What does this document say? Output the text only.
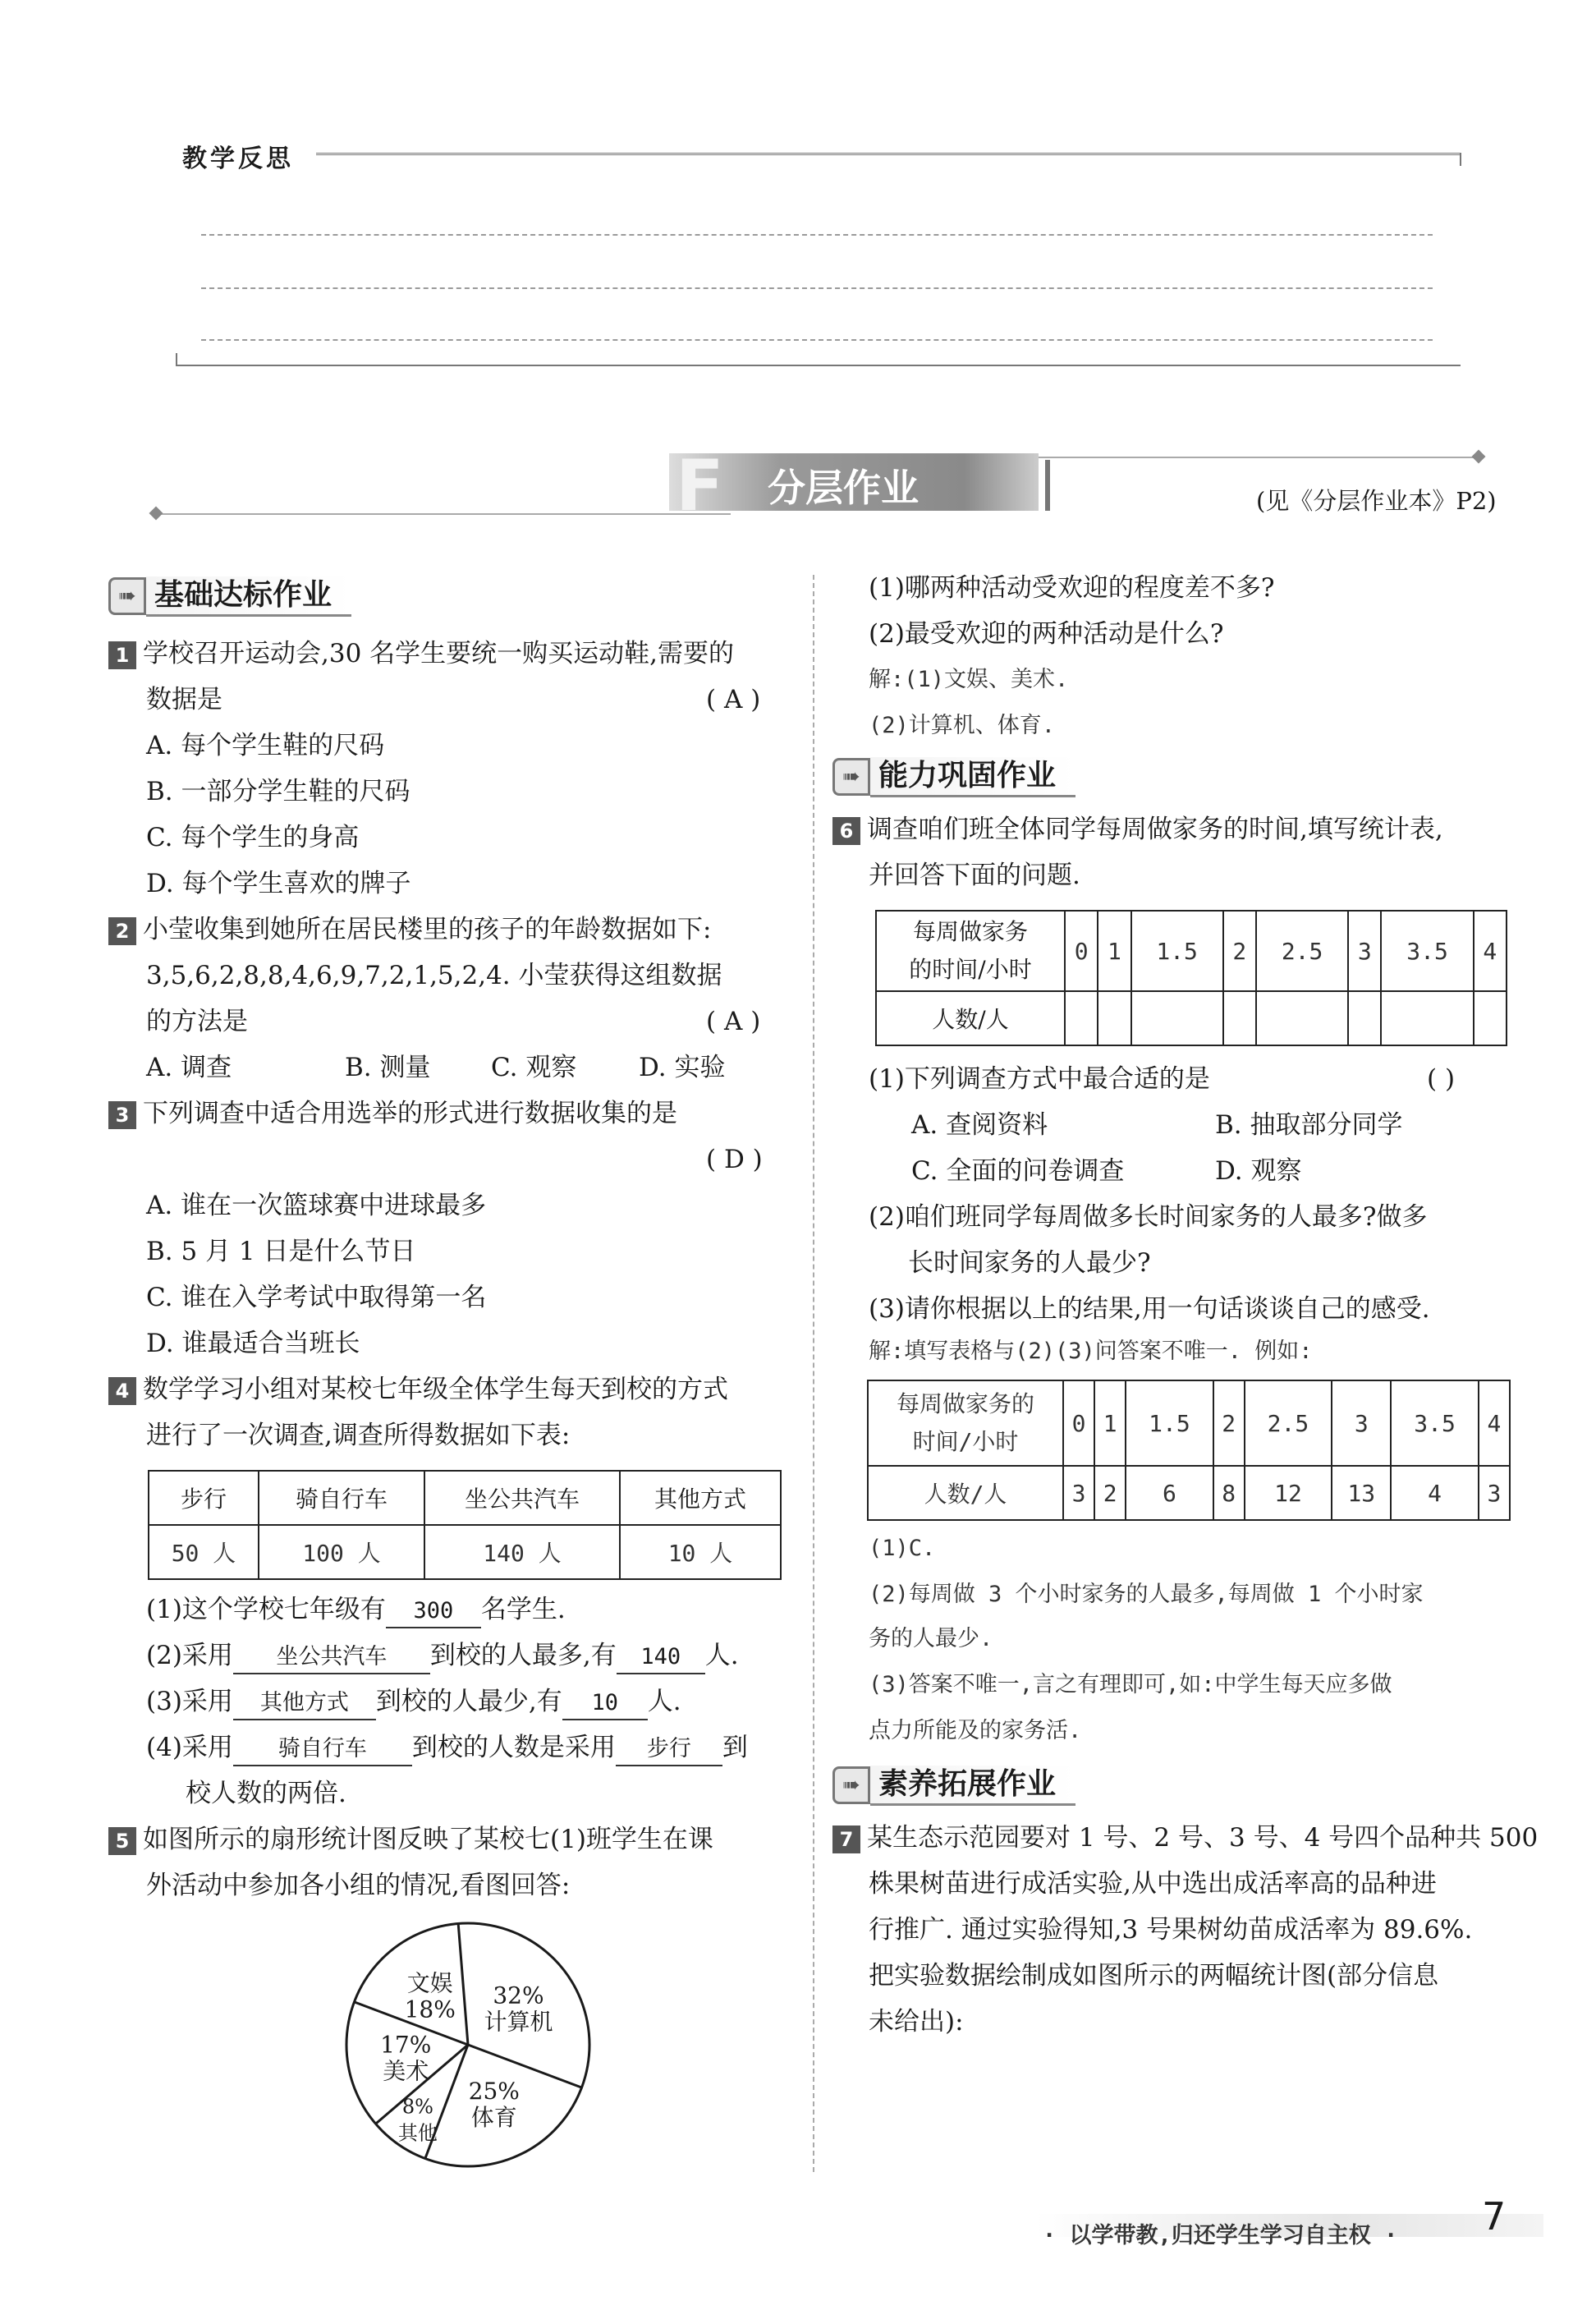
教学反思
F 分层作业	(见《分层作业本》P2)
➠ 基础达标作业
1 学校召开运动会,30 名学生要统一购买运动鞋,需要的
数据是	( A )
A. 每个学生鞋的尺码
B. 一部分学生鞋的尺码
C. 每个学生的身高
D. 每个学生喜欢的牌子
2 小莹收集到她所在居民楼里的孩子的年龄数据如下:
3,5,6,2,8,8,4,6,9,7,2,1,5,2,4. 小莹获得这组数据
的方法是	( A )
A. 调查	B. 测量 C. 观察 D. 实验
3 下列调查中适合用选举的形式进行数据收集的是
( D )
A. 谁在一次篮球赛中进球最多
B. 5 月 1 日是什么节日
C. 谁在入学考试中取得第一名
D. 谁最适合当班长
4 数学学习小组对某校七年级全体学生每天到校的方式
进行了一次调查,调查所得数据如下表:
步行	骑自行车	坐公共汽车	其他方式
50 人	100 人	140 人	10 人
(1)这个学校七年级有 300 名学生.
(2)采用 坐公共汽车 到校的人最多,有 140 人.
(3)采用 其他方式 到校的人最少,有 10 人.
(4)采用 骑自行车 到校的人数是采用 步行 到
校人数的两倍.
5 如图所示的扇形统计图反映了某校七(1)班学生在课
外活动中参加各小组的情况,看图回答:
32%
计算机
25%
体育
8%
其他
17%
美术
文娱
18%
(1)哪两种活动受欢迎的程度差不多?
(2)最受欢迎的两种活动是什么?
解:(1)文娱、美术.
(2)计算机、体育.
➠ 能力巩固作业
6 调查咱们班全体同学每周做家务的时间,填写统计表,
并回答下面的问题.
每周做家务
的时间/小时	0	1	1.5	2	2.5	3	3.5	4
人数/人								
(1)下列调查方式中最合适的是	( )
A. 查阅资料	B. 抽取部分同学
C. 全面的问卷调查	D. 观察
(2)咱们班同学每周做多长时间家务的人最多?做多
长时间家务的人最少?
(3)请你根据以上的结果,用一句话谈谈自己的感受.
解:填写表格与(2)(3)问答案不唯一. 例如:
每周做家务的
时间/小时	0	1	1.5	2	2.5	3	3.5	4
人数/人	3	2	6	8	12	13	4	3
(1)C.
(2)每周做 3 个小时家务的人最多,每周做 1 个小时家
务的人最少.
(3)答案不唯一,言之有理即可,如:中学生每天应多做
点力所能及的家务活.
➠ 素养拓展作业
7 某生态示范园要对 1 号、2 号、3 号、4 号四个品种共 500
株果树苗进行成活实验,从中选出成活率高的品种进
行推广. 通过实验得知,3 号果树幼苗成活率为 89.6%.
把实验数据绘制成如图所示的两幅统计图(部分信息
未给出):
· 以学带教,归还学生学习自主权 · 7
